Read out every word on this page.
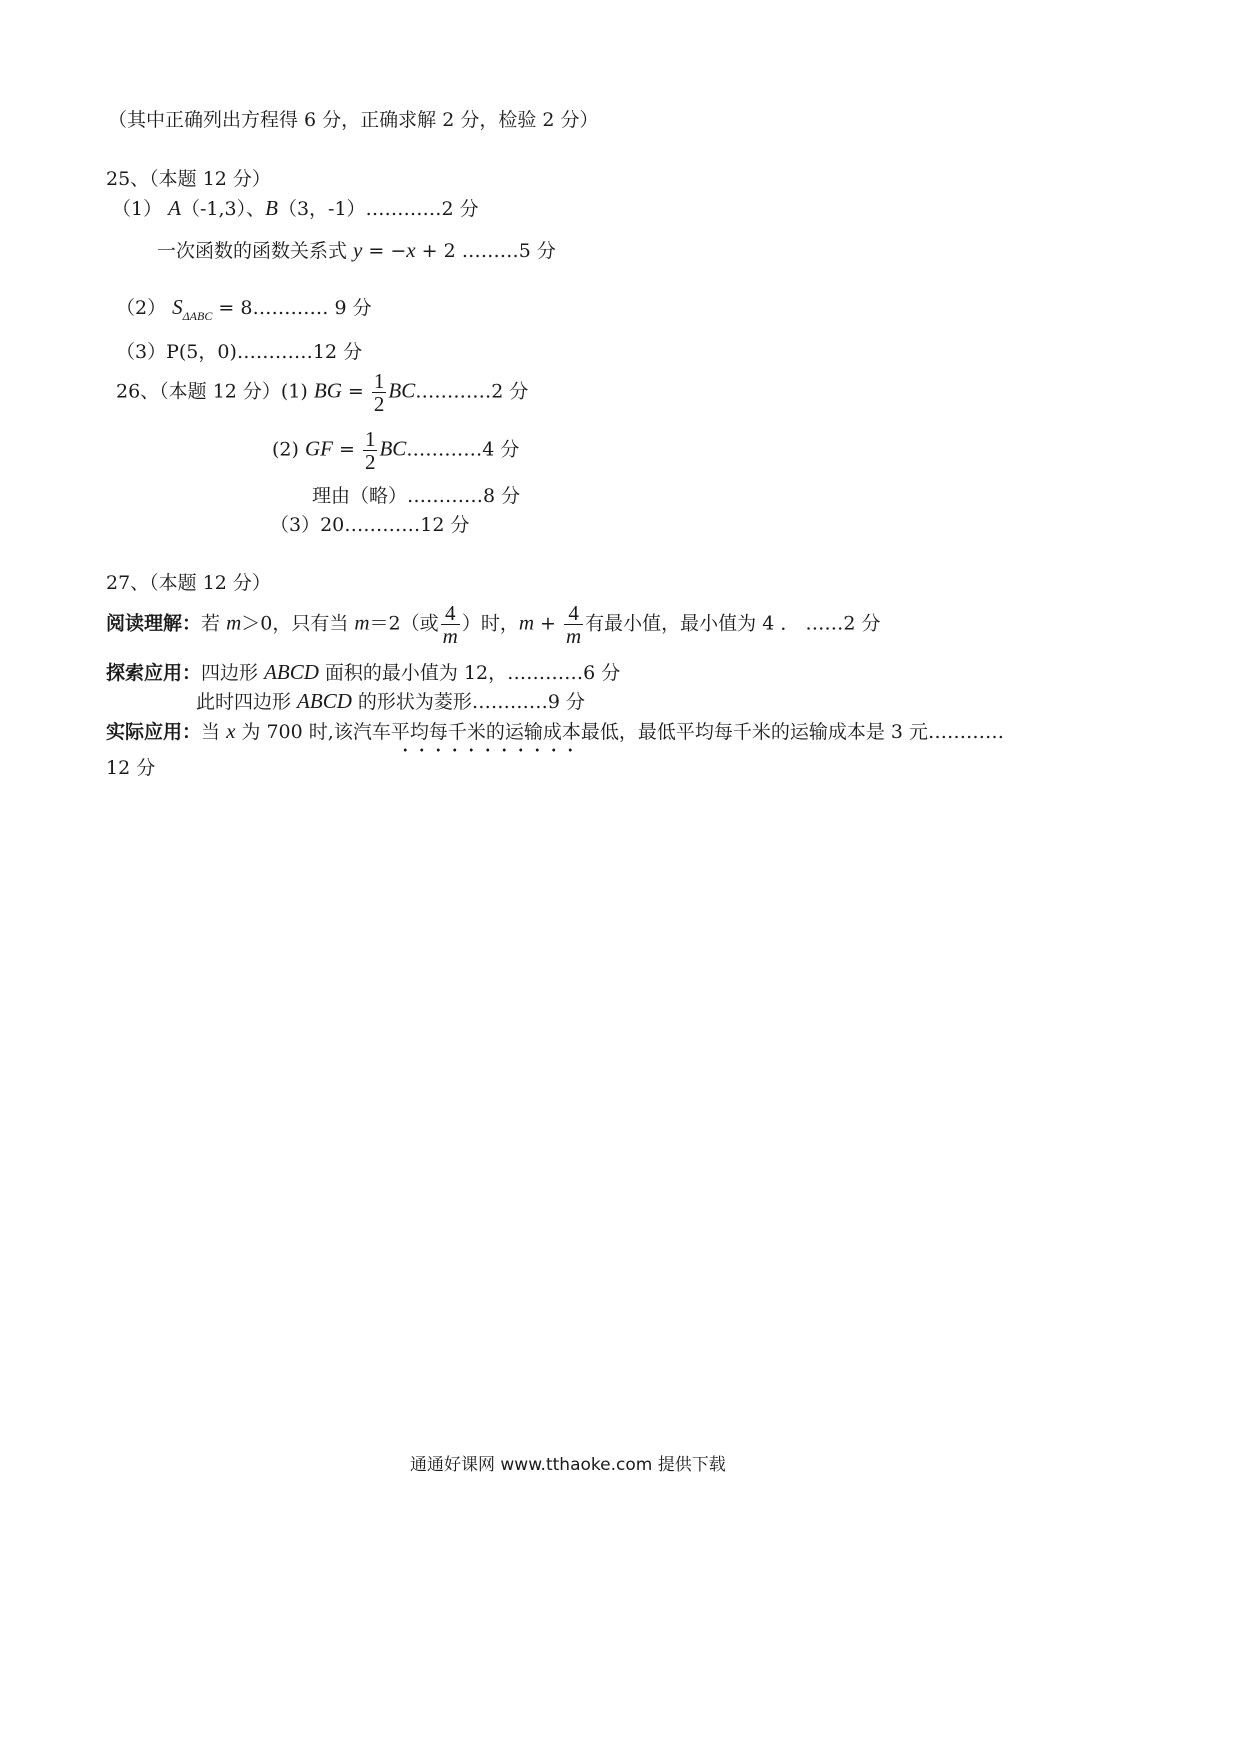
（其中正确列出方程得 6 分，正确求解 2 分，检验 2 分）
25、（本题 12 分）
（1） A（-1,3）、B（3，-1）…………2 分
一次函数的函数关系式 y = −x + 2 ………5 分
（2） $S_{\Delta ABC}$ = 8………… 9 分
（3）P(5，0)…………12 分
26、（本题 12 分）(1) BG = $\frac{1}{2}$ BC…………2 分
(2) GF = $\frac{1}{2}$ BC…………4 分
理由（略）…………8 分
（3）20…………12 分
27、（本题 12 分）
阅读理解：若 m＞0，只有当 m＝2（或 $\frac{4}{m}$ ）时，$m + \frac{4}{m}$ 有最小值，最小值为 4 ． ……2 分
探索应用：四边形 ABCD 面积的最小值为 12，…………6 分
此时四边形 ABCD 的形状为菱形…………9 分
实际应用：当 x 为 700 时,该汽车平均每千米的运输成本最低，最低平均每千米的运输成本是 3 元…………
12 分
通通好课网 www.tthaoke.com 提供下载
